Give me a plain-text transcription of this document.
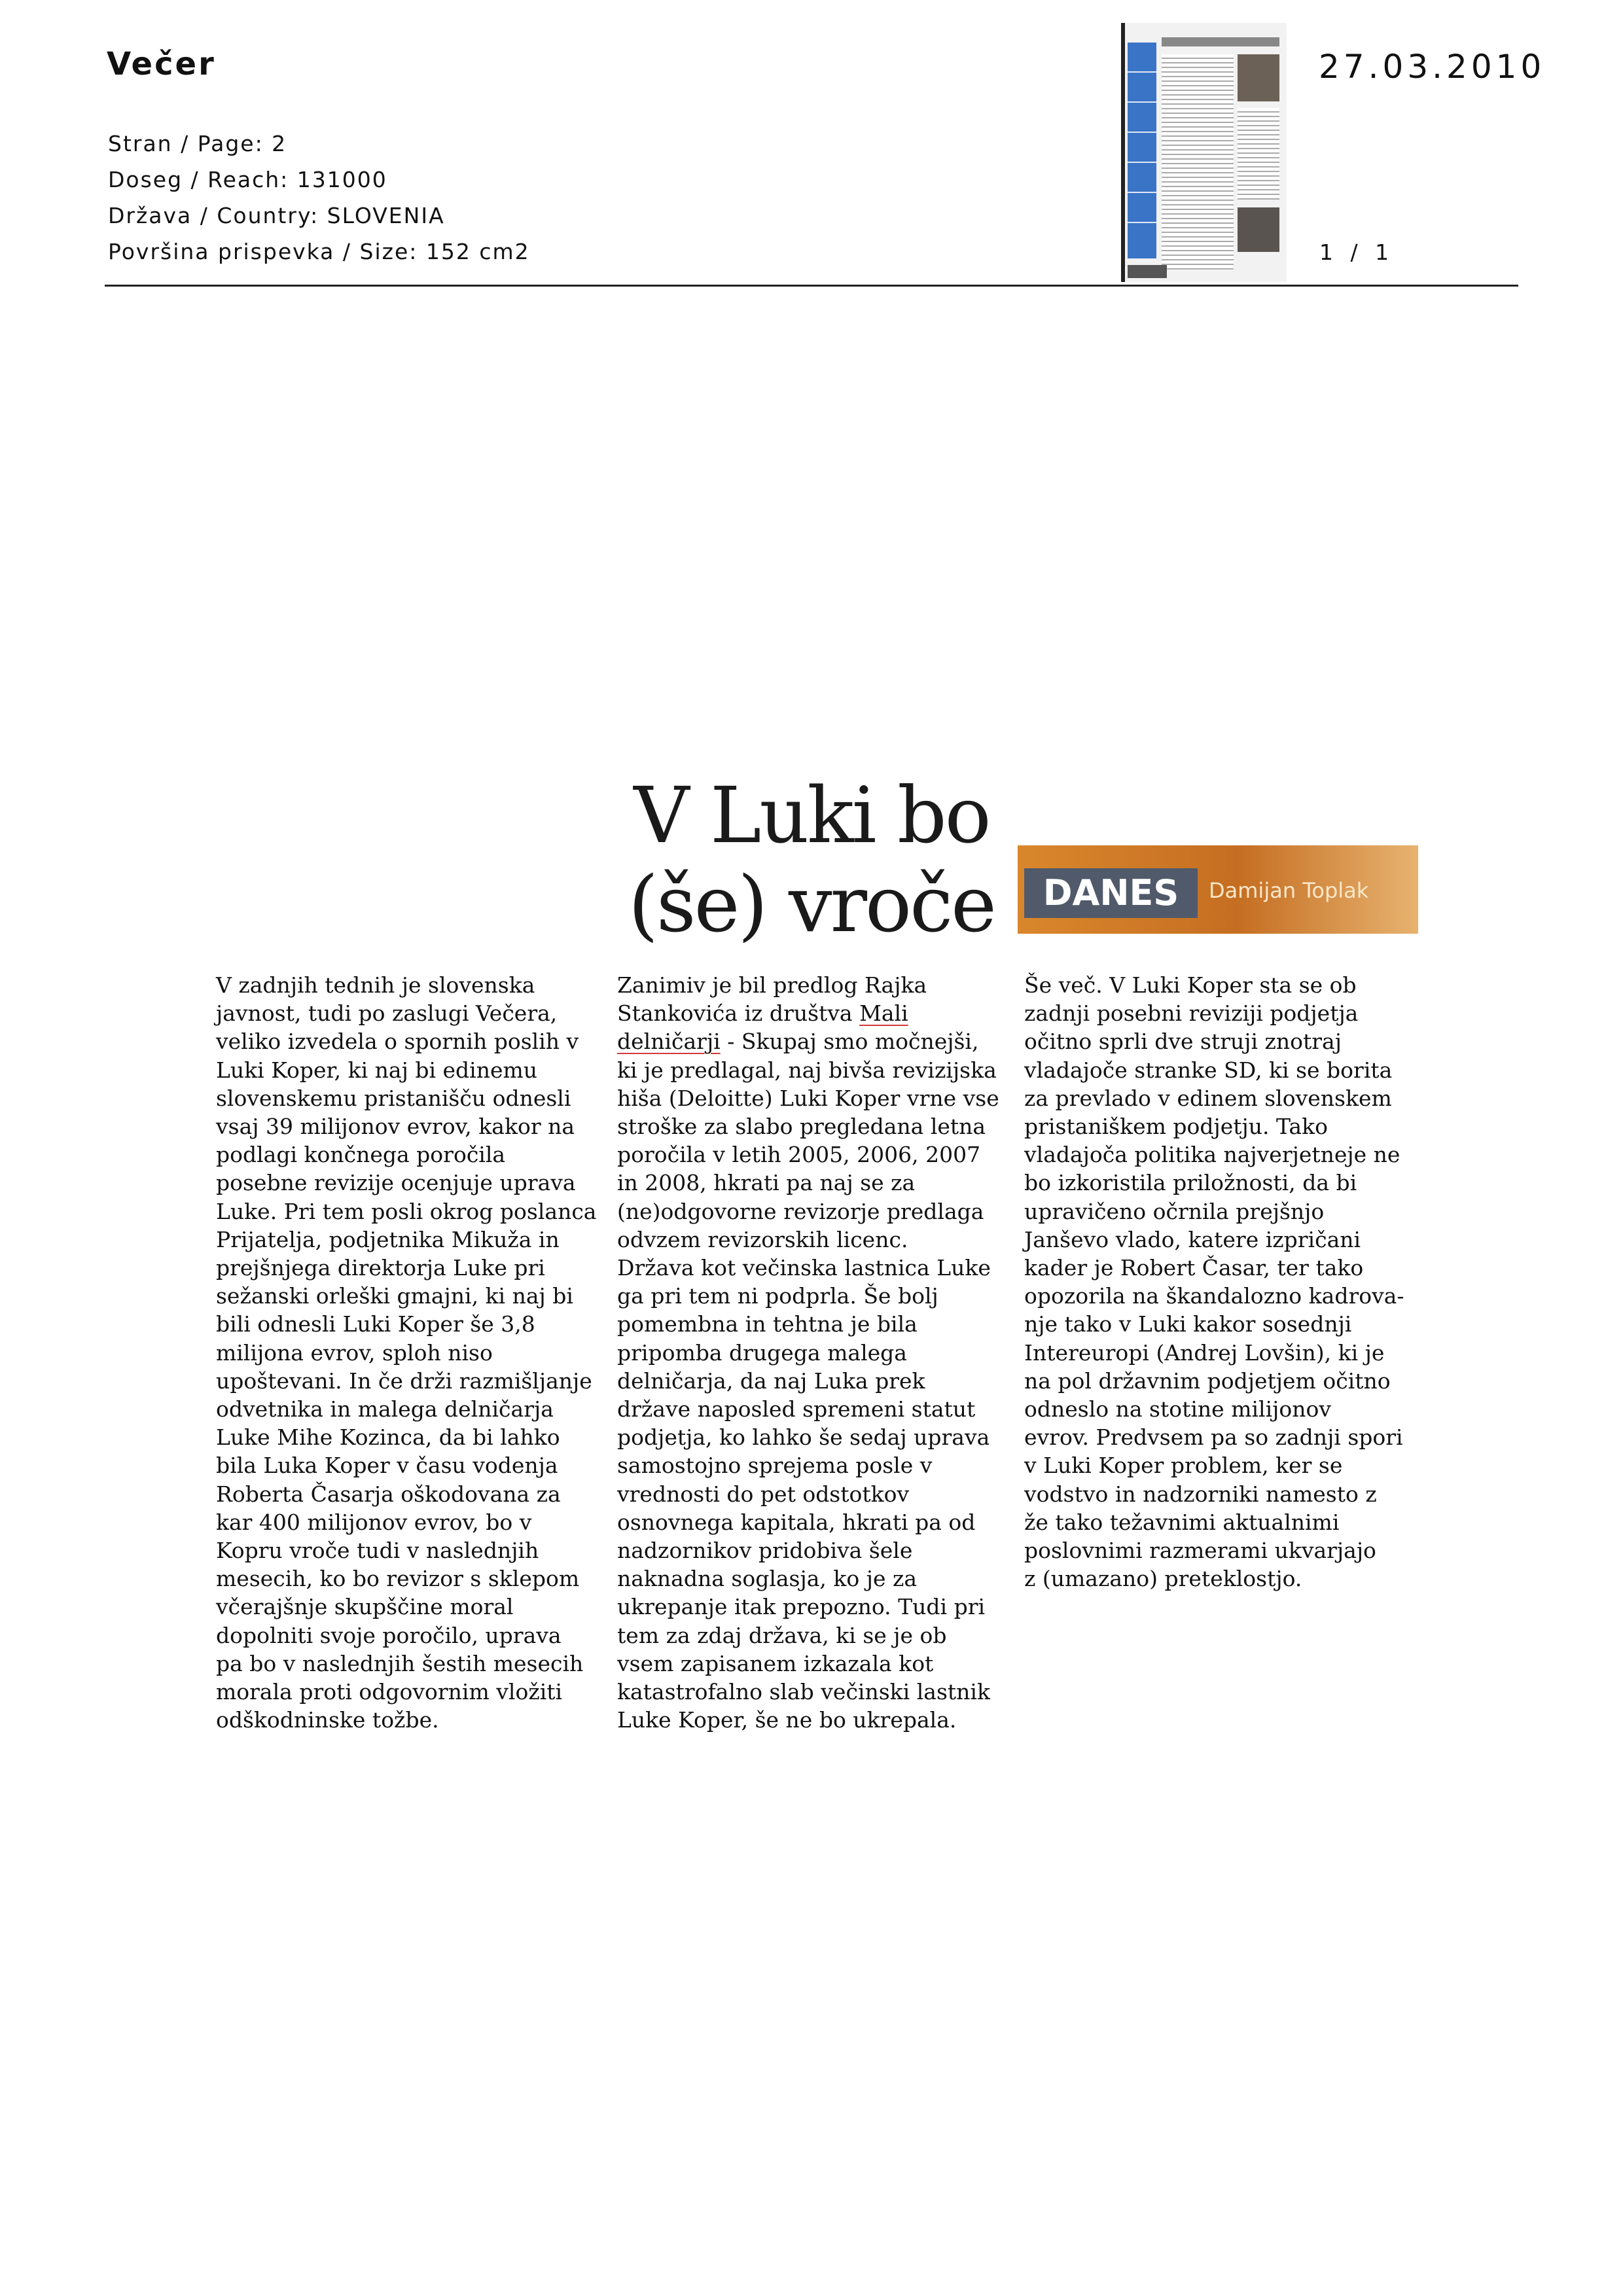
Večer	27.03.2010
Stran / Page: 2
Doseg / Reach: 131000
Država / Country: SLOVENIA
Površina prispevka / Size: 152 cm2	1 / 1
V Luki bo
(še) vroče	DANES	Damijan Toplak
V zadnjih tednih je slovenska
javnost, tudi po zaslugi Večera,
veliko izvedela o spornih poslih v
Luki Koper, ki naj bi edinemu
slovenskemu pristanišču odnesli
vsaj 39 milijonov evrov, kakor na
podlagi končnega poročila
posebne revizije ocenjuje uprava
Luke. Pri tem posli okrog poslanca
Prijatelja, podjetnika Mikuža in
prejšnjega direktorja Luke pri
sežanski orleški gmajni, ki naj bi
bili odnesli Luki Koper še 3,8
milijona evrov, sploh niso
upoštevani. In če drži razmišljanje
odvetnika in malega delničarja
Luke Mihe Kozinca, da bi lahko
bila Luka Koper v času vodenja
Roberta Časarja oškodovana za
kar 400 milijonov evrov, bo v
Kopru vroče tudi v naslednjih
mesecih, ko bo revizor s sklepom
včerajšnje skupščine moral
dopolniti svoje poročilo, uprava
pa bo v naslednjih šestih mesecih
morala proti odgovornim vložiti
odškodninske tožbe.
Zanimiv je bil predlog Rajka
Stankovića iz društva Mali
delničarji - Skupaj smo močnejši,
ki je predlagal, naj bivša revizijska
hiša (Deloitte) Luki Koper vrne vse
stroške za slabo pregledana letna
poročila v letih 2005, 2006, 2007
in 2008, hkrati pa naj se za
(ne)odgovorne revizorje predlaga
odvzem revizorskih licenc.
Država kot večinska lastnica Luke
ga pri tem ni podprla. Še bolj
pomembna in tehtna je bila
pripomba drugega malega
delničarja, da naj Luka prek
države naposled spremeni statut
podjetja, ko lahko še sedaj uprava
samostojno sprejema posle v
vrednosti do pet odstotkov
osnovnega kapitala, hkrati pa od
nadzornikov pridobiva šele
naknadna soglasja, ko je za
ukrepanje itak prepozno. Tudi pri
tem za zdaj država, ki se je ob
vsem zapisanem izkazala kot
katastrofalno slab večinski lastnik
Luke Koper, še ne bo ukrepala.
Še več. V Luki Koper sta se ob
zadnji posebni reviziji podjetja
očitno sprli dve struji znotraj
vladajoče stranke SD, ki se borita
za prevlado v edinem slovenskem
pristaniškem podjetju. Tako
vladajoča politika najverjetneje ne
bo izkoristila priložnosti, da bi
upravičeno očrnila prejšnjo
Janševo vlado, katere izpričani
kader je Robert Časar, ter tako
opozorila na škandalozno kadrova-
nje tako v Luki kakor sosednji
Intereuropi (Andrej Lovšin), ki je
na pol državnim podjetjem očitno
odneslo na stotine milijonov
evrov. Predvsem pa so zadnji spori
v Luki Koper problem, ker se
vodstvo in nadzorniki namesto z
že tako težavnimi aktualnimi
poslovnimi razmerami ukvarjajo
z (umazano) preteklostjo.
